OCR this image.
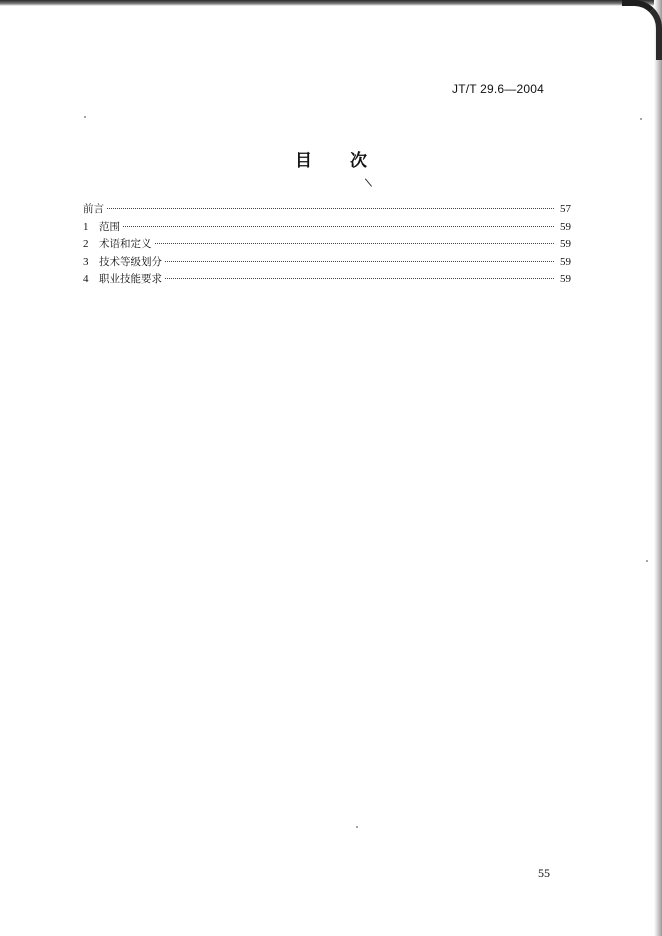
JT/T 29.6—2004
目 次
前言	57
1	范围	59
2	术语和定义	59
3	技术等级划分	59
4	职业技能要求	59
55
